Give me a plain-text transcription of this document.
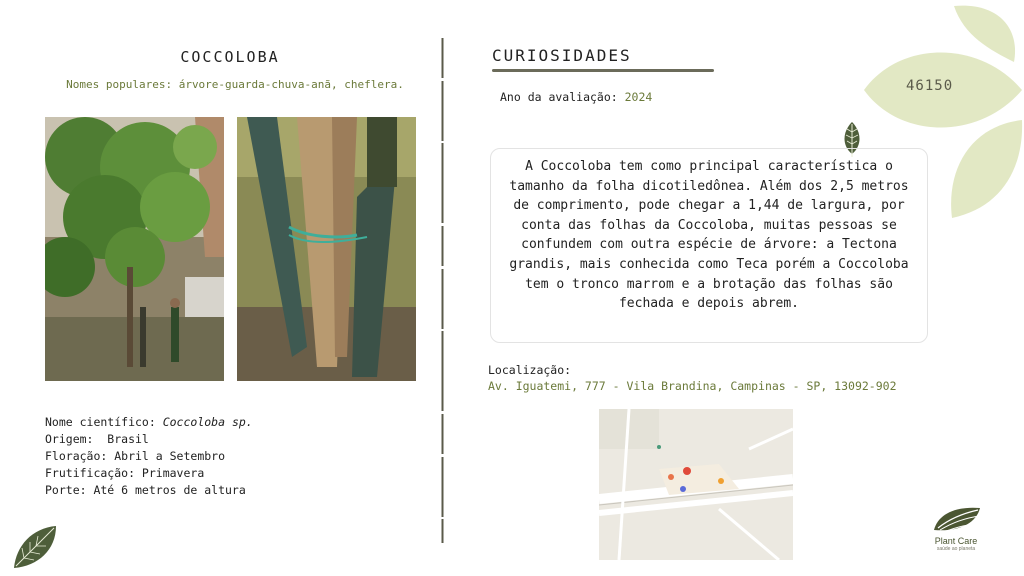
COCCOLOBA
Nomes populares: árvore-guarda-chuva-anã, cheflera.
Nome científico: Coccoloba sp.
Origem:  Brasil
Floração: Abril a Setembro
Frutificação: Primavera
Porte: Até 6 metros de altura
CURIOSIDADES
Ano da avaliação: 2024
46150
A Coccoloba tem como principal característica o tamanho da folha dicotiledônea. Além dos 2,5 metros de comprimento, pode chegar a 1,44 de largura, por conta das folhas da Coccoloba, muitas pessoas se confundem com outra espécie de árvore: a Tectona grandis, mais conhecida como Teca porém a Coccoloba tem o tronco marrom e a brotação das folhas são fechada e depois abrem.
Localização:
Av. Iguatemi, 777 - Vila Brandina, Campinas - SP, 13092-902
Plant Care
saúde ao planeta
